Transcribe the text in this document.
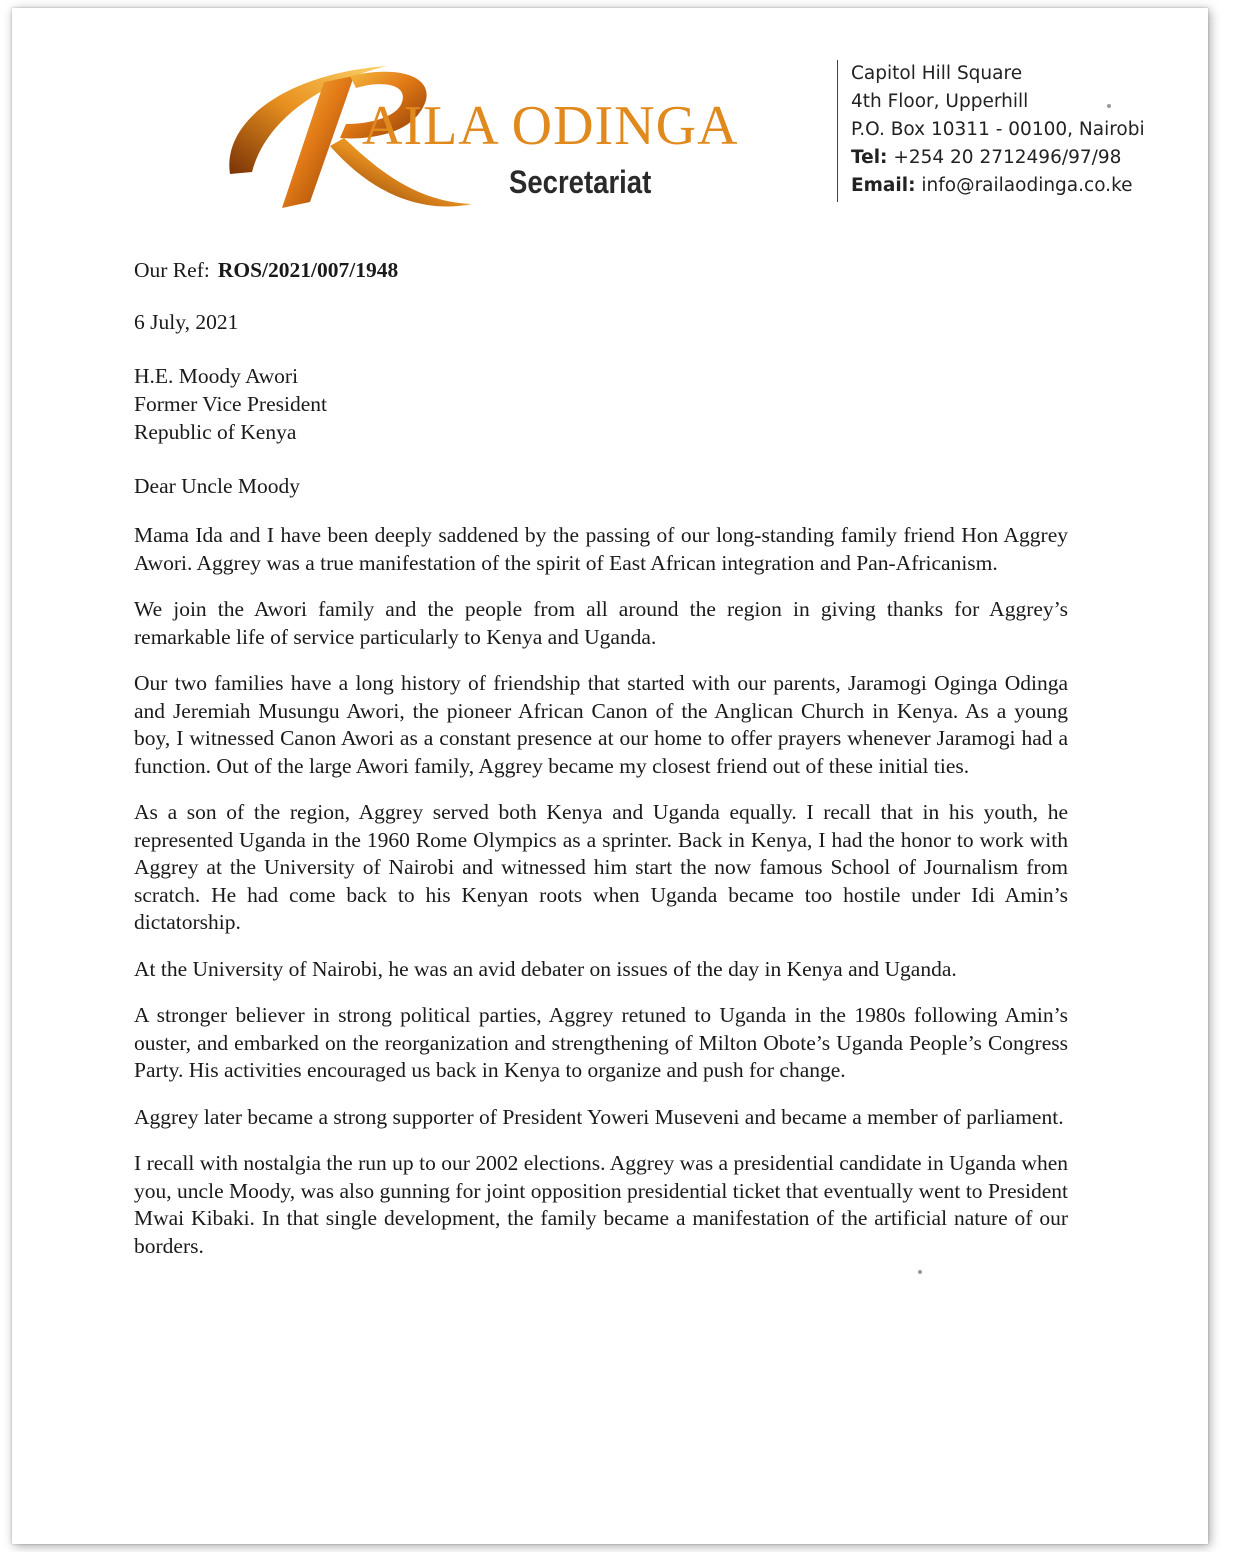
AILA ODINGA
Secretariat
Capitol Hill Square
4th Floor, Upperhill
P.O. Box 10311 - 00100, Nairobi
Tel: +254 20 2712496/97/98
Email: info@railaodinga.co.ke
Our Ref: ROS/2021/007/1948
6 July, 2021
H.E. Moody Awori
Former Vice President
Republic of Kenya
Dear Uncle Moody

Mama Ida and I have been deeply saddened by the passing of our long-standing family friend Hon Aggrey Awori. Aggrey was a true manifestation of the spirit of East African integration and Pan-Africanism.

We join the Awori family and the people from all around the region in giving thanks for Aggrey’s remarkable life of service particularly to Kenya and Uganda.

Our two families have a long history of friendship that started with our parents, Jaramogi Oginga Odinga and Jeremiah Musungu Awori, the pioneer African Canon of the Anglican Church in Kenya. As a young boy, I witnessed Canon Awori as a constant presence at our home to offer prayers whenever Jaramogi had a function. Out of the large Awori family, Aggrey became my closest friend out of these initial ties.

As a son of the region, Aggrey served both Kenya and Uganda equally. I recall that in his youth, he represented Uganda in the 1960 Rome Olympics as a sprinter. Back in Kenya, I had the honor to work with Aggrey at the University of Nairobi and witnessed him start the now famous School of Journalism from scratch. He had come back to his Kenyan roots when Uganda became too hostile under Idi Amin’s dictatorship.

At the University of Nairobi, he was an avid debater on issues of the day in Kenya and Uganda.

A stronger believer in strong political parties, Aggrey retuned to Uganda in the 1980s following Amin’s ouster, and embarked on the reorganization and strengthening of Milton Obote’s Uganda People’s Congress Party. His activities encouraged us back in Kenya to organize and push for change.

Aggrey later became a strong supporter of President Yoweri Museveni and became a member of parliament.

I recall with nostalgia the run up to our 2002 elections. Aggrey was a presidential candidate in Uganda when you, uncle Moody, was also gunning for joint opposition presidential ticket that eventually went to President Mwai Kibaki. In that single development, the family became a manifestation of the artificial nature of our borders.
